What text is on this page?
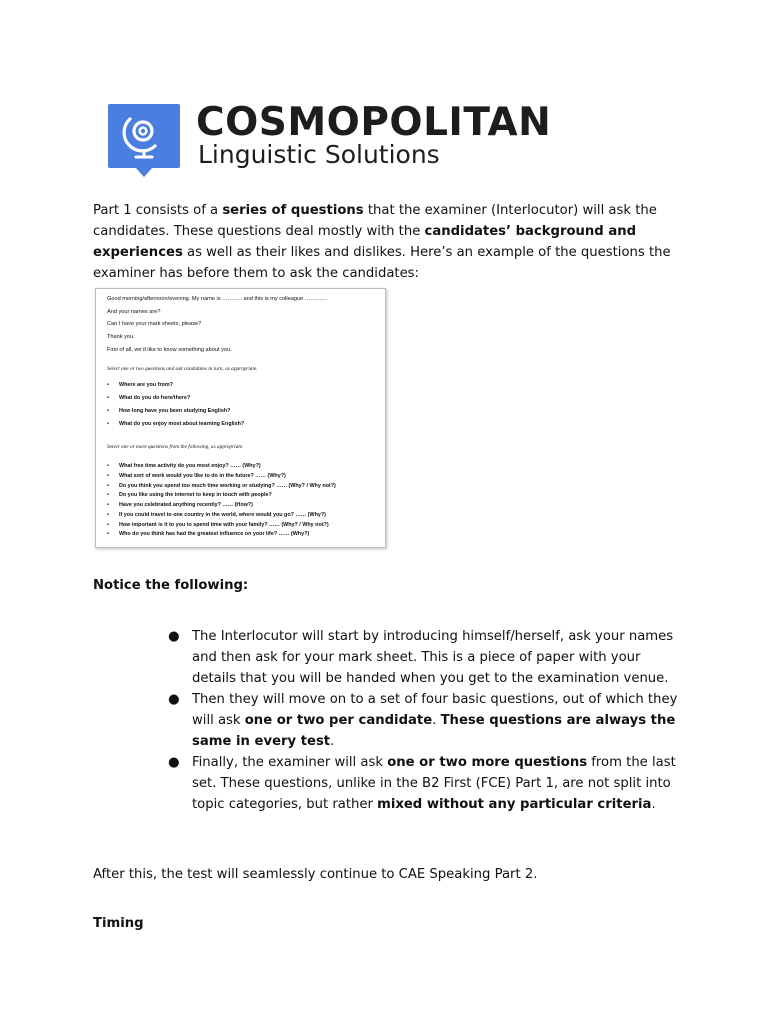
COSMOPOLITAN
Linguistic Solutions

Part 1 consists of a series of questions that the examiner (Interlocutor) will ask the candidates. These questions deal mostly with the candidates’ background and experiences as well as their likes and dislikes. Here’s an example of the questions the examiner has before them to ask the candidates:

Good morning/afternoon/evening. My name is ……….. and this is my colleague ……….. .
And your names are?
Can I have your mark sheets, please?
Thank you.
First of all, we’d like to know something about you.
Select one or two questions and ask candidates in turn, as appropriate.
• Where are you from?
• What do you do here/there?
• How long have you been studying English?
• What do you enjoy most about learning English?
Select one or more questions from the following, as appropriate.
• What free time activity do you most enjoy? …… (Why?)
• What sort of work would you like to do in the future? …… (Why?)
• Do you think you spend too much time working or studying? …… (Why? / Why not?)
• Do you like using the internet to keep in touch with people?
• Have you celebrated anything recently? …… (How?)
• If you could travel to one country in the world, where would you go? …… (Why?)
• How important is it to you to spend time with your family? …… (Why? / Why not?)
• Who do you think has had the greatest influence on your life? …… (Why?)

Notice the following:

● The Interlocutor will start by introducing himself/herself, ask your names and then ask for your mark sheet. This is a piece of paper with your details that you will be handed when you get to the examination venue.
● Then they will move on to a set of four basic questions, out of which they will ask one or two per candidate. These questions are always the same in every test.
● Finally, the examiner will ask one or two more questions from the last set. These questions, unlike in the B2 First (FCE) Part 1, are not split into topic categories, but rather mixed without any particular criteria.

After this, the test will seamlessly continue to CAE Speaking Part 2.

Timing
